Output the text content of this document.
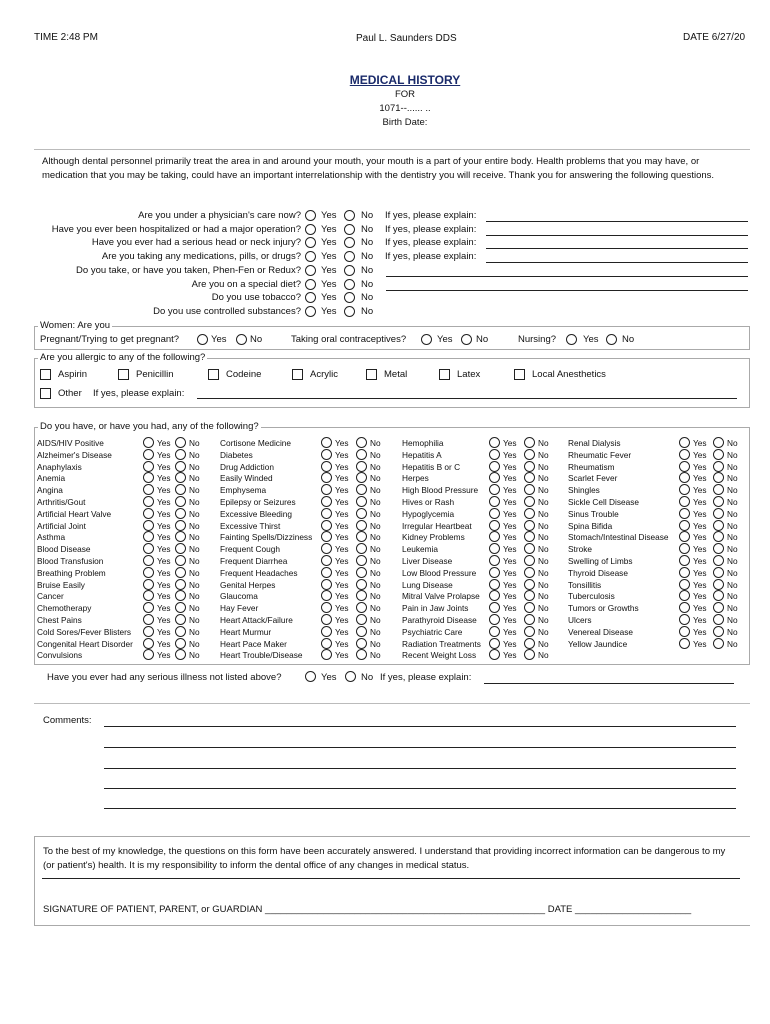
TIME 2:48 PM	Paul L. Saunders DDS	DATE 6/27/20
MEDICAL HISTORY
FOR
1071--...... ..
Birth Date:
Although dental personnel primarily treat the area in and around your mouth, your mouth is a part of your entire body. Health problems that you may have, or medication that you may be taking, could have an important interrelationship with the dentistry you will receive. Thank you for answering the following questions.
Are you under a physician's care now? Yes	No If yes, please explain:
Have you ever been hospitalized or had a major operation? Yes	No If yes, please explain:
Have you ever had a serious head or neck injury? Yes	No If yes, please explain:
Are you taking any medications, pills, or drugs? Yes	No If yes, please explain:
Do you take, or have you taken, Phen-Fen or Redux? Yes	No
Are you on a special diet? Yes	No
Do you use tobacco? Yes	No
Do you use controlled substances? Yes	No
Women: Are you
Pregnant/Trying to get pregnant?	Yes No	Taking oral contraceptives?	Yes No	Nursing?	Yes No
Are you allergic to any of the following?
Aspirin	Penicillin	Codeine	Acrylic	Metal	Latex	Local Anesthetics
Other If yes, please explain:
Do you have, or have you had, any of the following?
AIDS/HIV Positive	Yes No
Alzheimer's Disease	Yes No
Anaphylaxis	Yes No
Anemia	Yes No
Angina	Yes No
Arthritis/Gout	Yes No
Artificial Heart Valve	Yes No
Artificial Joint	Yes No
Asthma	Yes No
Blood Disease	Yes No
Blood Transfusion	Yes No
Breathing Problem	Yes No
Bruise Easily	Yes No
Cancer	Yes No
Chemotherapy	Yes No
Chest Pains	Yes No
Cold Sores/Fever Blisters	Yes No
Congenital Heart Disorder	Yes No
Convulsions	Yes No
Cortisone Medicine	Yes	No
Diabetes	Yes	No
Drug Addiction	Yes	No
Easily Winded	Yes	No
Emphysema	Yes	No
Epilepsy or Seizures	Yes	No
Excessive Bleeding	Yes	No
Excessive Thirst	Yes	No
Fainting Spells/Dizziness	Yes	No
Frequent Cough	Yes	No
Frequent Diarrhea	Yes	No
Frequent Headaches	Yes	No
Genital Herpes	Yes	No
Glaucoma	Yes	No
Hay Fever	Yes	No
Heart Attack/Failure	Yes	No
Heart Murmur	Yes	No
Heart Pace Maker	Yes	No
Heart Trouble/Disease	Yes	No
Hemophilia	Yes	No
Hepatitis A	Yes	No
Hepatitis B or C	Yes	No
Herpes	Yes	No
High Blood Pressure	Yes	No
Hives or Rash	Yes	No
Hypoglycemia	Yes	No
Irregular Heartbeat	Yes	No
Kidney Problems	Yes	No
Leukemia	Yes	No
Liver Disease	Yes	No
Low Blood Pressure	Yes	No
Lung Disease	Yes	No
Mitral Valve Prolapse	Yes	No
Pain in Jaw Joints	Yes	No
Parathyroid Disease	Yes	No
Psychiatric Care	Yes	No
Radiation Treatments	Yes	No
Recent Weight Loss	Yes	No
Renal Dialysis	Yes No
Rheumatic Fever	Yes No
Rheumatism	Yes No
Scarlet Fever	Yes No
Shingles	Yes No
Sickle Cell Disease	Yes No
Sinus Trouble	Yes No
Spina Bifida	Yes No
Stomach/Intestinal Disease	Yes No
Stroke	Yes No
Swelling of Limbs	Yes No
Thyroid Disease	Yes No
Tonsillitis	Yes No
Tuberculosis	Yes No
Tumors or Growths	Yes No
Ulcers	Yes No
Venereal Disease	Yes No
Yellow Jaundice	Yes No
Have you ever had any serious illness not listed above?	Yes	No If yes, please explain:
Comments:
To the best of my knowledge, the questions on this form have been accurately answered. I understand that providing incorrect information can be dangerous to my (or patient's) health. It is my responsibility to inform the dental office of any changes in medical status.
SIGNATURE OF PATIENT, PARENT, or GUARDIAN _____________________________________________________ DATE ______________________
